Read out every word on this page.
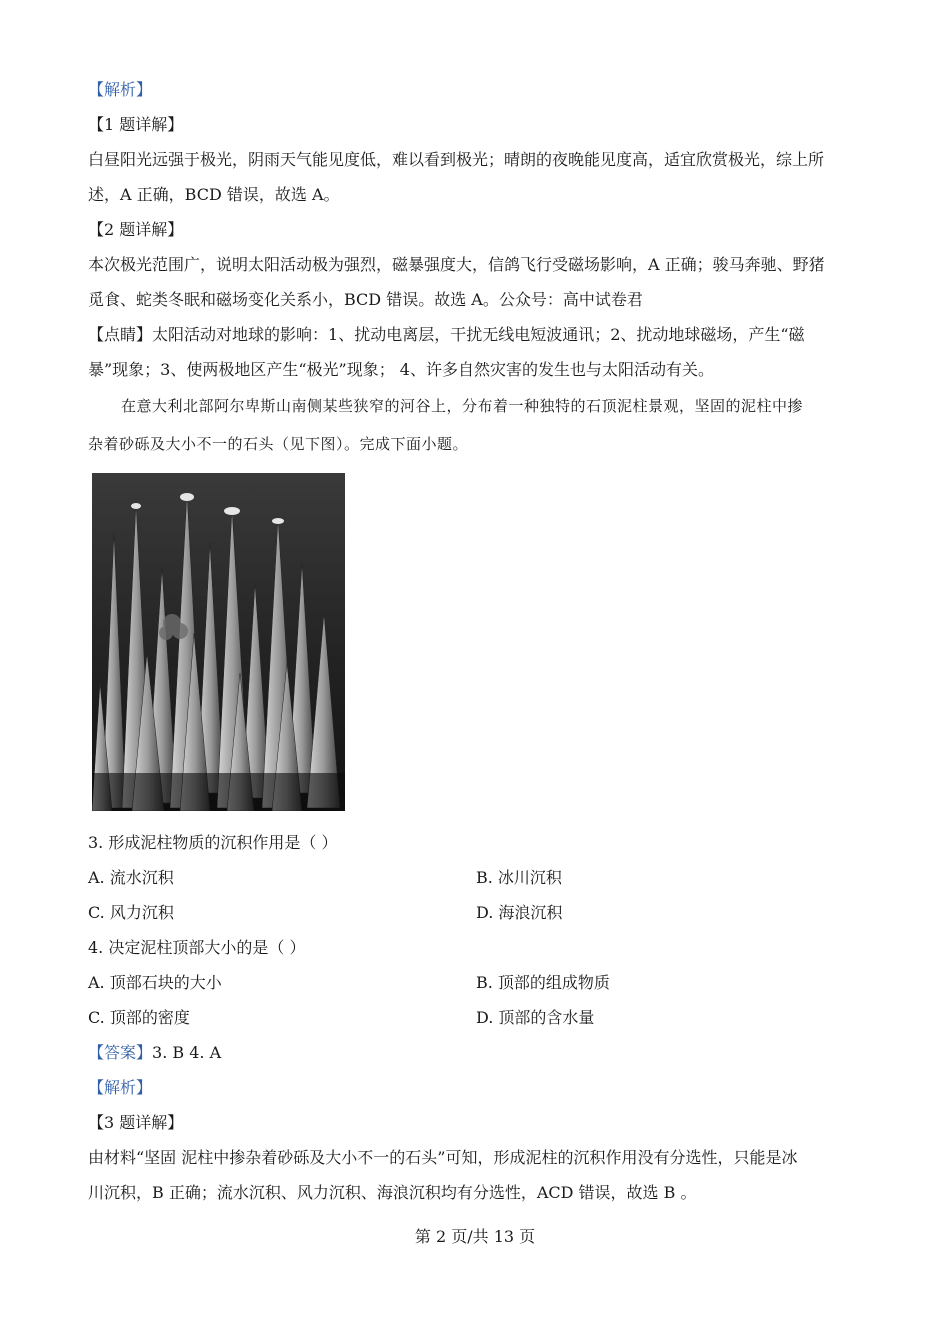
【解析】
【1 题详解】
白昼阳光远强于极光，阴雨天气能见度低，难以看到极光；晴朗的夜晚能见度高，适宜欣赏极光，综上所
述，A 正确，BCD 错误，故选 A。
【2 题详解】
本次极光范围广，说明太阳活动极为强烈，磁暴强度大，信鸽飞行受磁场影响，A 正确；骏马奔驰、野猪
觅食、蛇类冬眠和磁场变化关系小，BCD 错误。故选 A。公众号：高中试卷君
【点睛】太阳活动对地球的影响：1、扰动电离层，干扰无线电短波通讯；2、扰动地球磁场，产生“磁
暴”现象；3、使两极地区产生“极光”现象； 4、许多自然灾害的发生也与太阳活动有关。
在意大利北部阿尔卑斯山南侧某些狭窄的河谷上，分布着一种独特的石顶泥柱景观，坚固的泥柱中掺
杂着砂砾及大小不一的石头（见下图）。完成下面小题。
3. 形成泥柱物质的沉积作用是（ ）
A. 流水沉积	B. 冰川沉积
C. 风力沉积	D. 海浪沉积
4. 决定泥柱顶部大小的是（ ）
A. 顶部石块的大小	B. 顶部的组成物质
C. 顶部的密度	D. 顶部的含水量
【答案】3. B 4. A
【解析】
【3 题详解】
由材料“坚固 泥柱中掺杂着砂砾及大小不一的石头”可知，形成泥柱的沉积作用没有分选性，只能是冰
川沉积，B 正确；流水沉积、风力沉积、海浪沉积均有分选性，ACD 错误，故选 B 。
第 2 页/共 13 页
